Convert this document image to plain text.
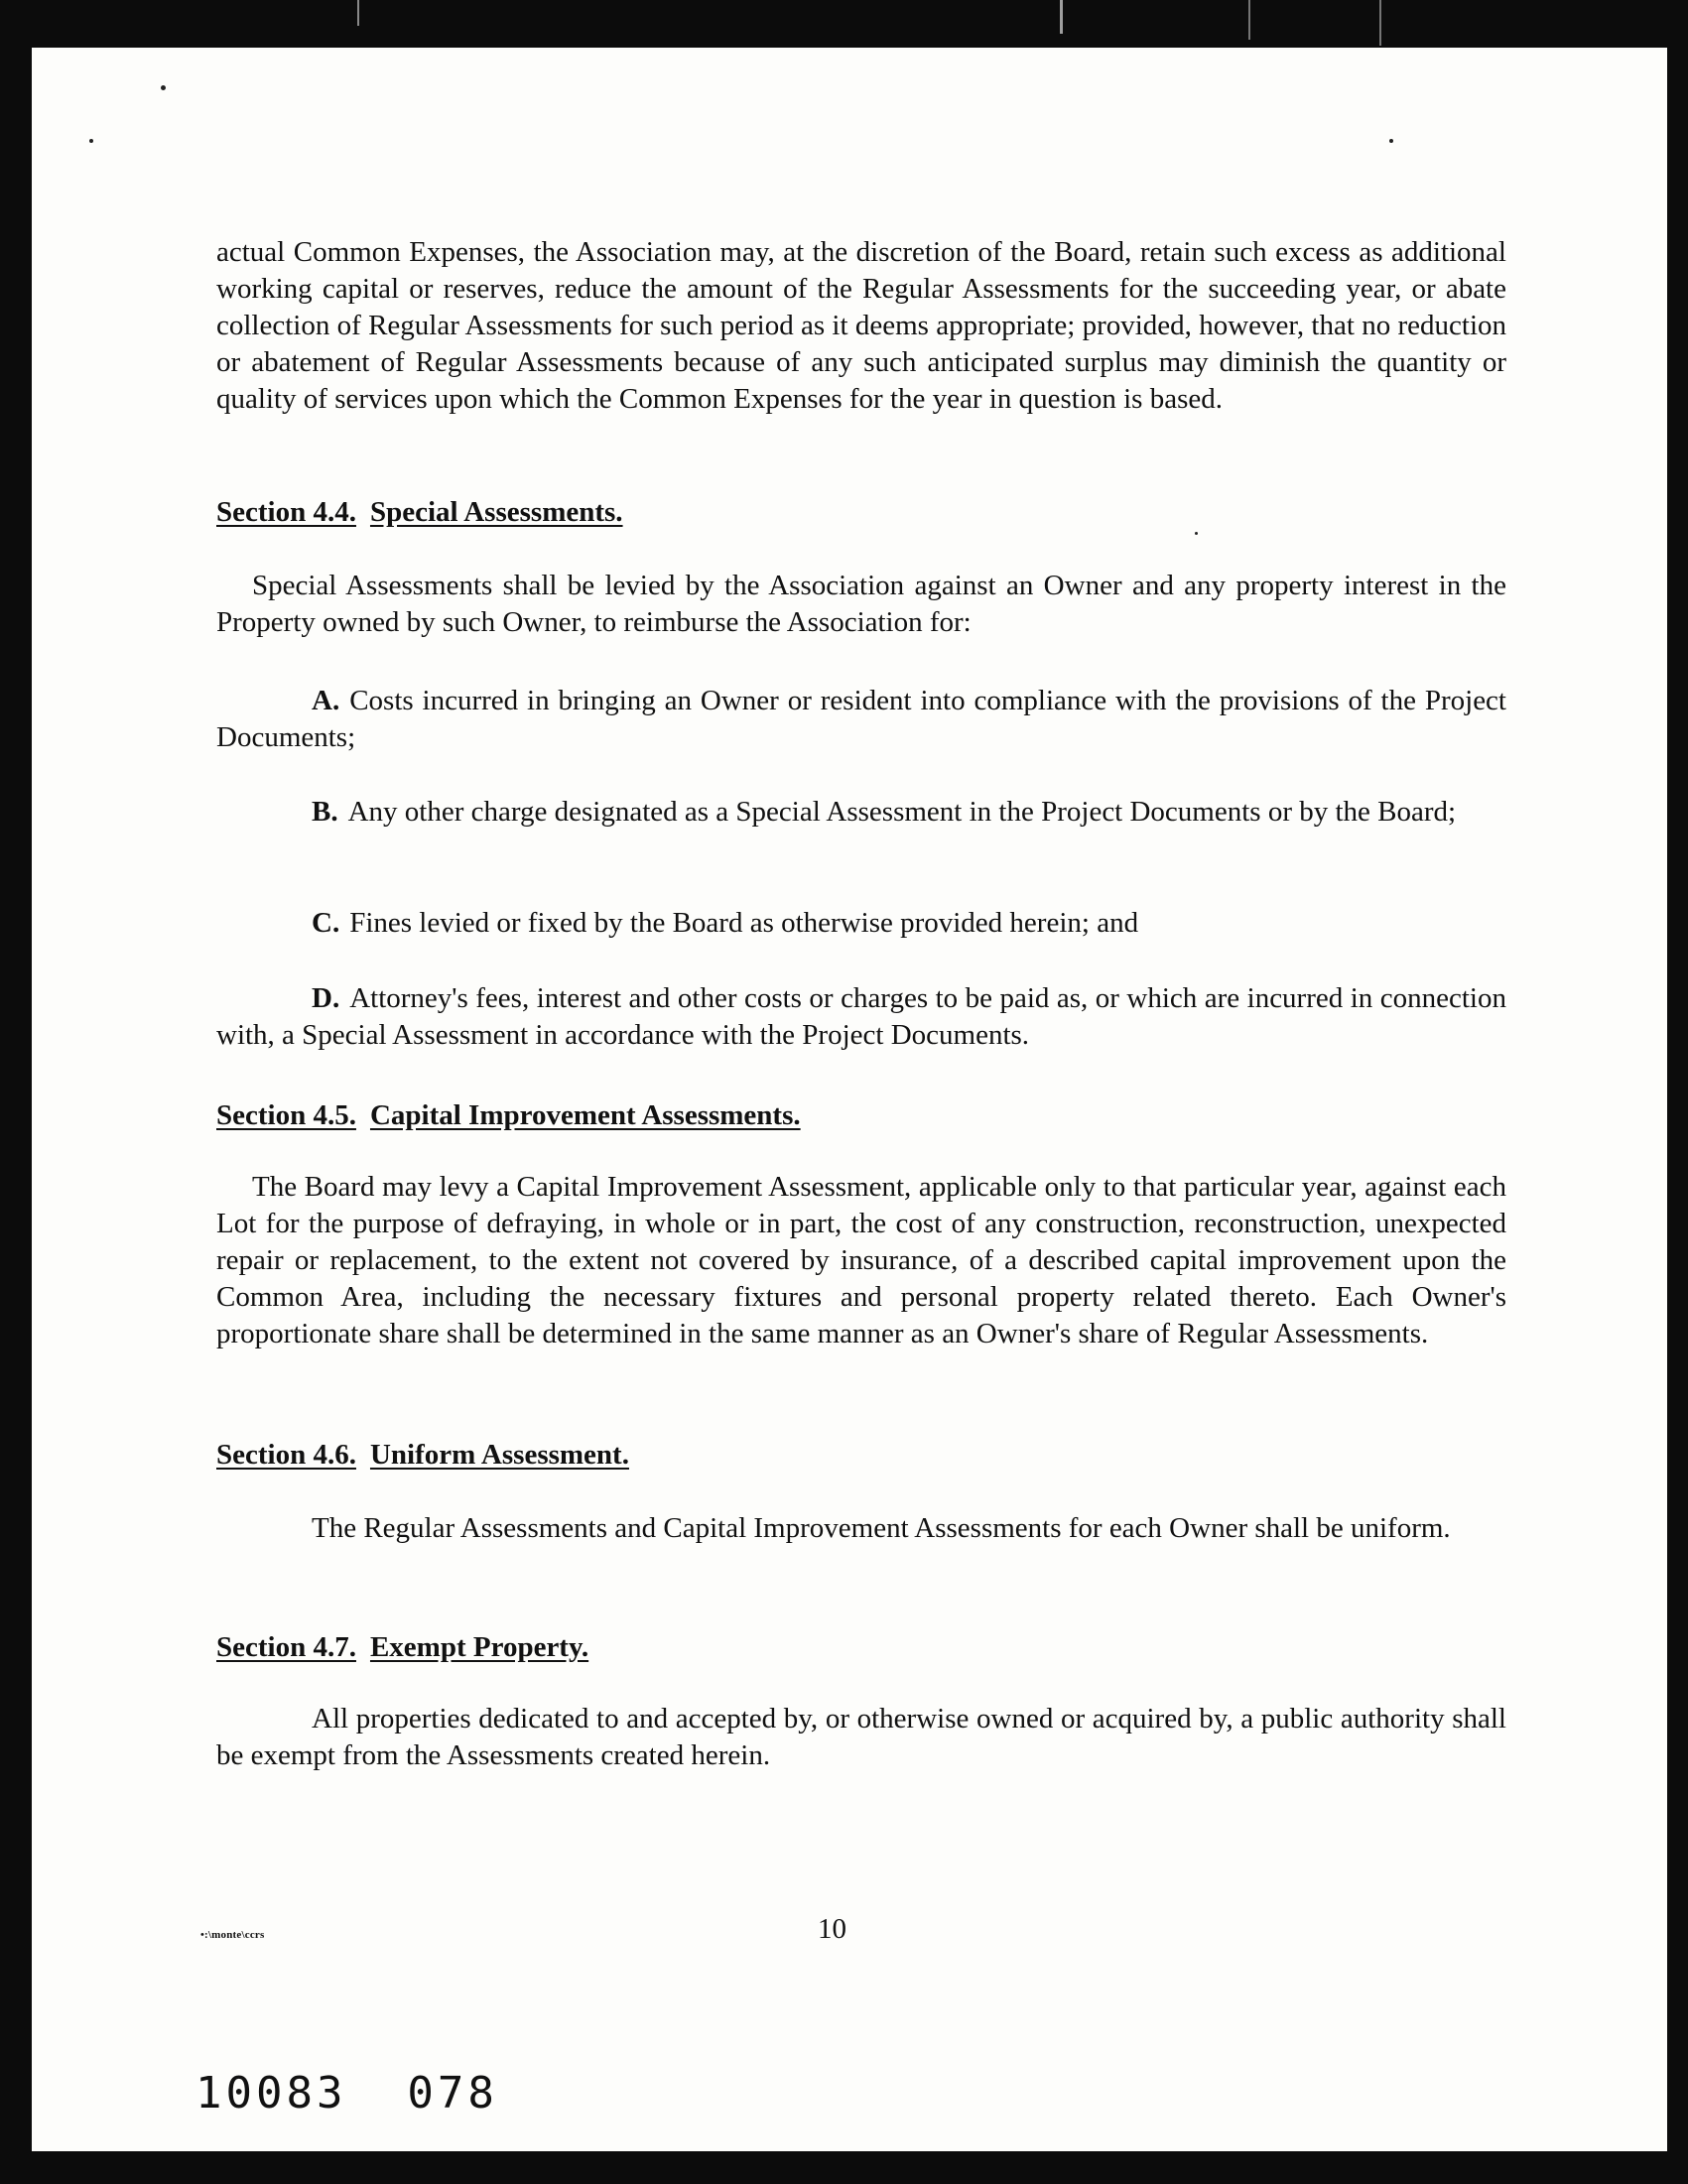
actual Common Expenses, the Association may, at the discretion of the Board, retain such excess as additional working capital or reserves, reduce the amount of the Regular Assessments for the succeeding year, or abate collection of Regular Assessments for such period as it deems appropriate; provided, however, that no reduction or abatement of Regular Assessments because of any such anticipated surplus may diminish the quantity or quality of services upon which the Common Expenses for the year in question is based.

Section 4.4. Special Assessments.

Special Assessments shall be levied by the Association against an Owner and any property interest in the Property owned by such Owner, to reimburse the Association for:

A. Costs incurred in bringing an Owner or resident into compliance with the provisions of the Project Documents;

B. Any other charge designated as a Special Assessment in the Project Documents or by the Board;

C. Fines levied or fixed by the Board as otherwise provided herein; and

D. Attorney's fees, interest and other costs or charges to be paid as, or which are incurred in connection with, a Special Assessment in accordance with the Project Documents.

Section 4.5. Capital Improvement Assessments.

The Board may levy a Capital Improvement Assessment, applicable only to that particular year, against each Lot for the purpose of defraying, in whole or in part, the cost of any construction, reconstruction, unexpected repair or replacement, to the extent not covered by insurance, of a described capital improvement upon the Common Area, including the necessary fixtures and personal property related thereto. Each Owner's proportionate share shall be determined in the same manner as an Owner's share of Regular Assessments.

Section 4.6. Uniform Assessment.

The Regular Assessments and Capital Improvement Assessments for each Owner shall be uniform.

Section 4.7. Exempt Property.

All properties dedicated to and accepted by, or otherwise owned or acquired by, a public authority shall be exempt from the Assessments created herein.

•:\monte\ccrs	10

10083  078
